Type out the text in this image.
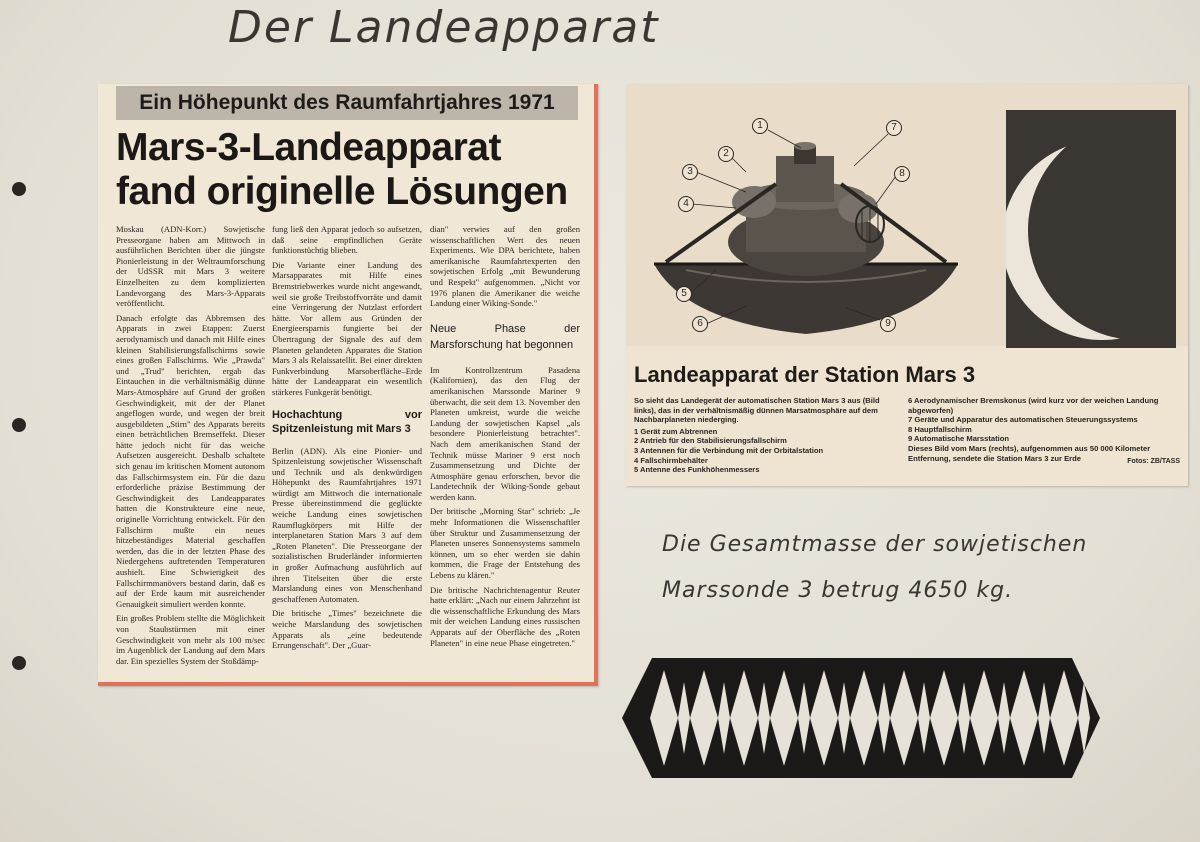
Der Landeapparat
Ein Höhepunkt des Raumfahrtjahres 1971
Mars-3-Landeapparat
fand originelle Lösungen

Moskau (ADN-Korr.) Sowjetische Presseorgane haben am Mittwoch in ausführlichen Berichten über die jüngste Pionierleistung in der Weltraumforschung der UdSSR mit Mars 3 weitere Einzelheiten zu dem komplizierten Landevorgang des Mars-3-Apparats veröffentlicht.

Danach erfolgte das Abbremsen des Apparats in zwei Etappen: Zuerst aerodynamisch und danach mit Hilfe eines kleinen Stabilisierungsfallschirms sowie eines großen Fallschirms. Wie „Prawda" und „Trud" berichten, ergab das Eintauchen in die verhältnismäßig dünne Mars-Atmosphäre auf Grund der großen Geschwindigkeit, mit der der Planet angeflogen wurde, und wegen der breit ausgebildeten „Stirn" des Apparats bereits einen beträchtlichen Bremseffekt. Dieser hätte jedoch nicht für das weiche Aufsetzen ausgereicht. Deshalb schaltete sich genau im kritischen Moment autonom das Fallschirmsystem ein. Für die dazu erforderliche präzise Bestimmung der Geschwindigkeit des Landeapparates hatten die Konstrukteure eine neue, originelle Vorrichtung entwickelt. Für den Fallschirm mußte ein neues hitzebeständiges Material geschaffen werden, das die in der letzten Phase des Niedergehens auftretenden Temperaturen aushielt. Eine Schwierigkeit des Fallschirmmanövers bestand darin, daß es auf der Erde kaum mit ausreichender Genauigkeit simuliert werden konnte.

Ein großes Problem stellte die Möglichkeit von Staubstürmen mit einer Geschwindigkeit von mehr als 100 m/sec im Augenblick der Landung auf dem Mars dar. Ein spezielles System der Stoßdämp-

fung ließ den Apparat jedoch so aufsetzen, daß seine empfindlichen Geräte funktionstüchtig blieben.

Die Variante einer Landung des Marsapparates mit Hilfe eines Bremstriebwerkes wurde nicht angewandt, weil sie große Treibstoffvorräte und damit eine Verringerung der Nutzlast erfordert hätte. Vor allem aus Gründen der Energieersparnis fungierte bei der Übertragung der Signale des auf dem Planeten gelandeten Apparates die Station Mars 3 als Relaissatellit. Bei einer direkten Funkverbindung Marsoberfläche–Erde hätte der Landeapparat ein wesentlich stärkeres Funkgerät benötigt.

Hochachtung vor Spitzenleistung mit Mars 3

Berlin (ADN). Als eine Pionier- und Spitzenleistung sowjetischer Wissenschaft und Technik und als denkwürdigen Höhepunkt des Raumfahrtjahres 1971 würdigt am Mittwoch die internationale Presse übereinstimmend die geglückte weiche Landung eines sowjetischen Raumflugkörpers mit Hilfe der interplanetaren Station Mars 3 auf dem „Roten Planeten". Die Presseorgane der sozialistischen Bruderländer informierten in großer Aufmachung ausführlich auf ihren Titelseiten über die erste Marslandung eines von Menschenhand geschaffenen Automaten.

Die britische „Times" bezeichnete die weiche Marslandung des sowjetischen Apparats als „eine bedeutende Errungenschaft". Der „Guar-

dian" verwies auf den großen wissenschaftlichen Wert des neuen Experiments. Wie DPA berichtete, haben amerikanische Raumfahrtexperten den sowjetischen Erfolg „mit Bewunderung und Respekt" aufgenommen. „Nicht vor 1976 planen die Amerikaner die weiche Landung einer Wiking-Sonde."

Neue Phase der Marsforschung hat begonnen

Im Kontrollzentrum Pasadena (Kalifornien), das den Flug der amerikanischen Marssonde Mariner 9 überwacht, die seit dem 13. November den Planeten umkreist, wurde die weiche Landung der sowjetischen Kapsel „als besondere Pionierleistung betrachtet". Nach dem amerikanischen Stand der Technik müsse Mariner 9 erst noch Zusammensetzung und Dichte der Atmosphäre genau erforschen, bevor die Landetechnik der Wiking-Sonde gebaut werden kann.

Der britische „Morning Star" schrieb: „Je mehr Informationen die Wissenschaftler über Struktur und Zusammensetzung der Planeten unseres Sonnensystems sammeln können, um so eher werden sie dahin kommen, die Frage der Entstehung des Lebens zu klären."

Die britische Nachrichtenagentur Reuter hatte erklärt: „Nach nur einem Jahrzehnt ist die wissenschaftliche Erkundung des Mars mit der weichen Landung eines russischen Apparats auf der Oberfläche des „Roten Planeten" in eine neue Phase eingetreten."

1
2
3
4
5
6
7
8
9
Landeapparat der Station Mars 3
So sieht das Landegerät der automatischen Station Mars 3 aus (Bild links), das in der verhältnismäßig dünnen Marsatmosphäre auf dem Nachbarplaneten niederging.
1 Gerät zum Abtrennen
2 Antrieb für den Stabilisierungsfallschirm
3 Antennen für die Verbindung mit der Orbitalstation
4 Fallschirmbehälter
5 Antenne des Funkhöhenmessers
6 Aerodynamischer Bremskonus (wird kurz vor der weichen Landung abgeworfen)
7 Geräte und Apparatur des automatischen Steuerungssystems
8 Hauptfallschirm
9 Automatische Marsstation
Dieses Bild vom Mars (rechts), aufgenommen aus 50 000 Kilometer Entfernung, sendete die Station Mars 3 zur Erde	Fotos: ZB/TASS
Die Gesamtmasse der sowjetischen
Marssonde 3 betrug 4650 kg.
